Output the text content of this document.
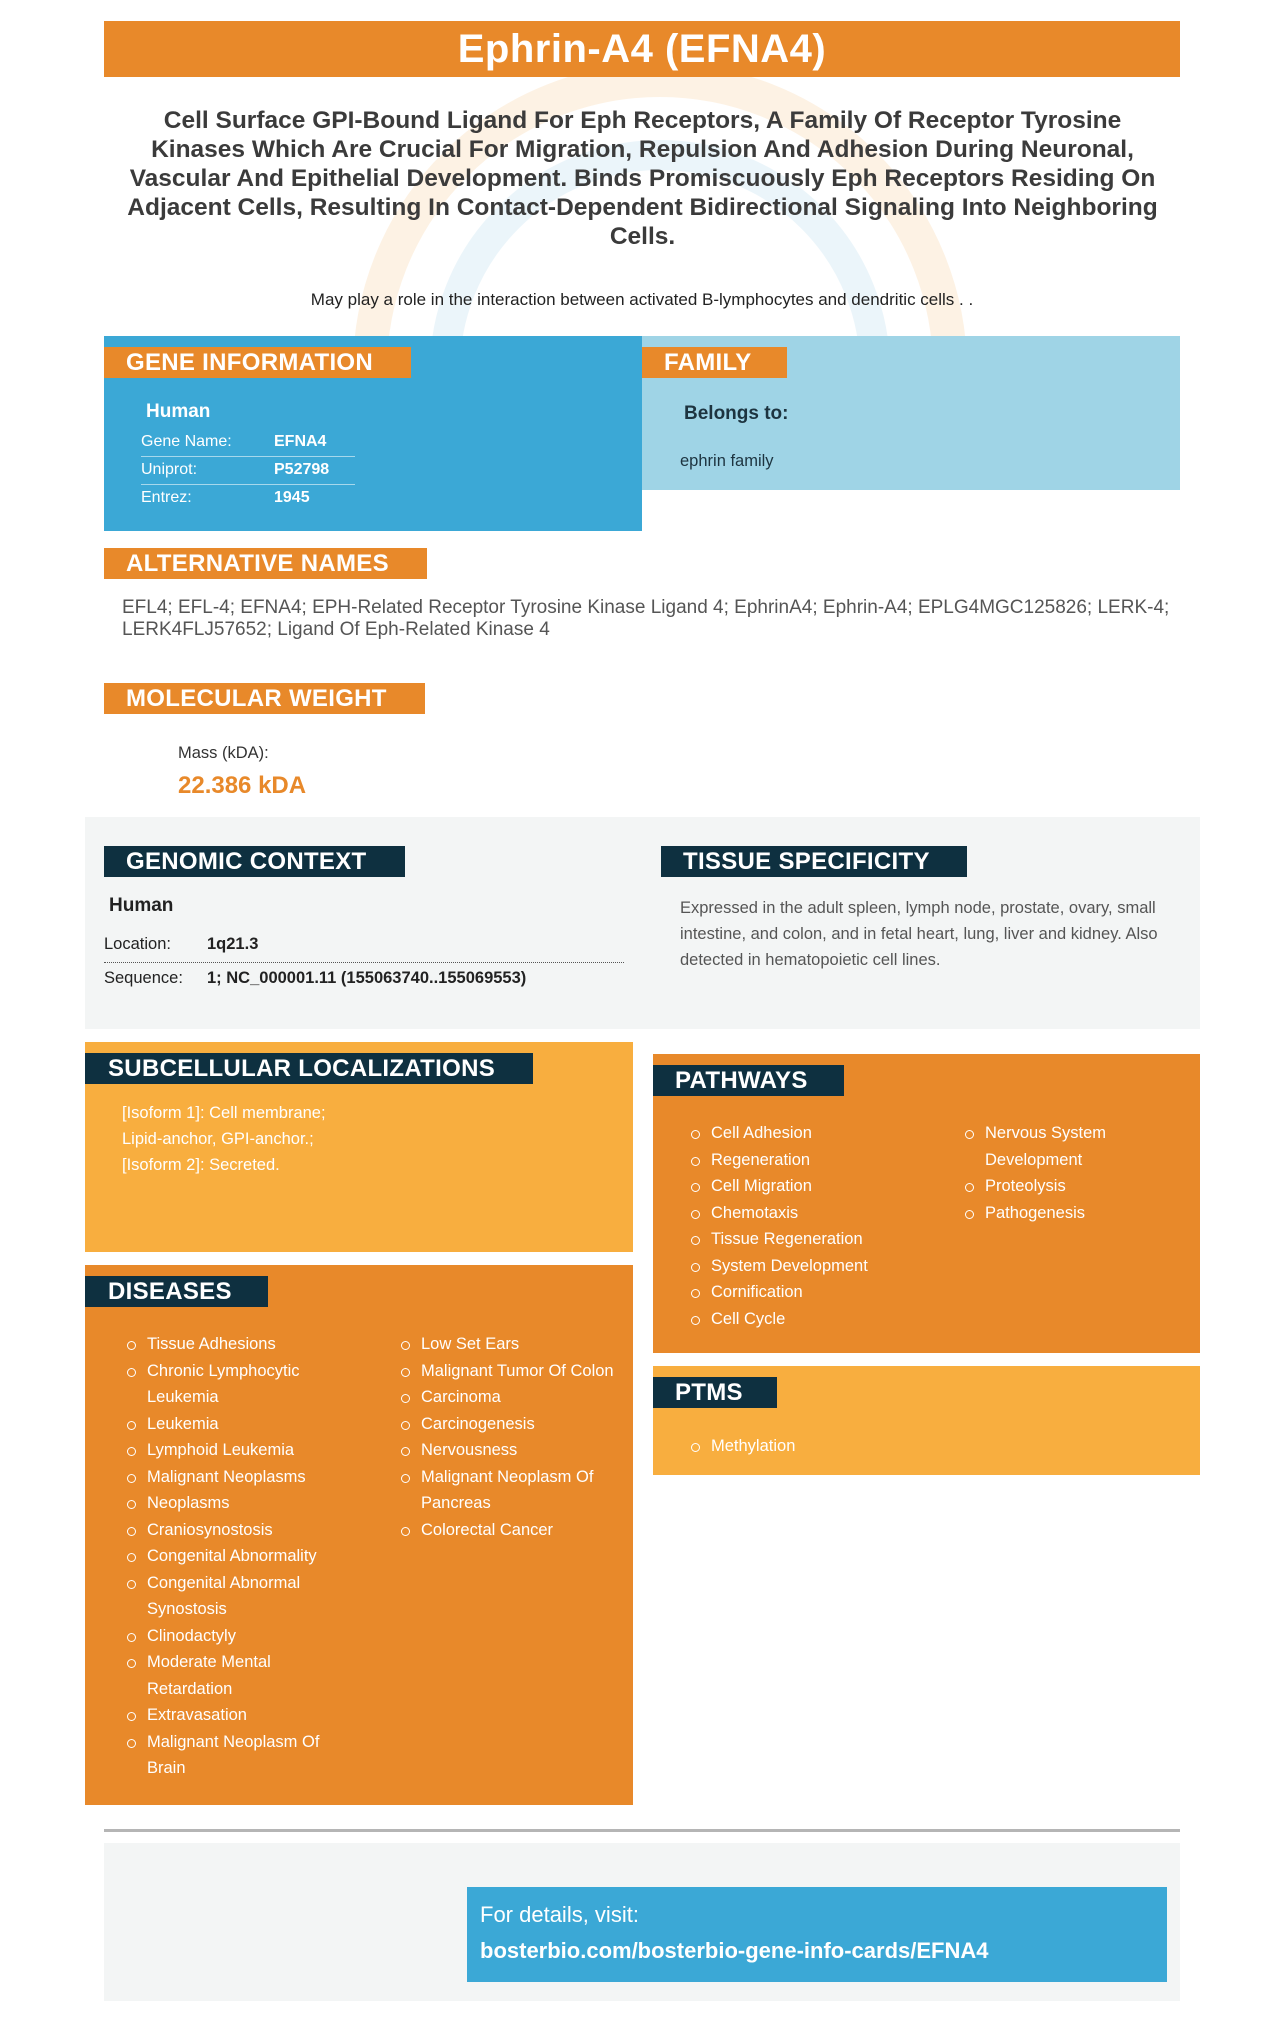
Ephrin-A4 (EFNA4)
Cell Surface GPI-Bound Ligand For Eph Receptors, A Family Of Receptor Tyrosine Kinases Which Are Crucial For Migration, Repulsion And Adhesion During Neuronal, Vascular And Epithelial Development. Binds Promiscuously Eph Receptors Residing On Adjacent Cells, Resulting In Contact-Dependent Bidirectional Signaling Into Neighboring Cells.
May play a role in the interaction between activated B-lymphocytes and dendritic cells . .
GENE INFORMATION
Human
Gene Name:	EFNA4
Uniprot:	P52798
Entrez:	1945
FAMILY
Belongs to:
ephrin family
ALTERNATIVE NAMES
EFL4; EFL-4; EFNA4; EPH-Related Receptor Tyrosine Kinase Ligand 4; EphrinA4; Ephrin-A4; EPLG4MGC125826; LERK-4; LERK4FLJ57652; Ligand Of Eph-Related Kinase 4
MOLECULAR WEIGHT
Mass (kDA):
22.386 kDA
GENOMIC CONTEXT
Human
Location: 1q21.3
Sequence: 1; NC_000001.11 (155063740..155069553)
TISSUE SPECIFICITY
Expressed in the adult spleen, lymph node, prostate, ovary, small intestine, and colon, and in fetal heart, lung, liver and kidney. Also detected in hematopoietic cell lines.
SUBCELLULAR LOCALIZATIONS
[Isoform 1]: Cell membrane; Lipid-anchor, GPI-anchor.; [Isoform 2]: Secreted.
PATHWAYS
Cell Adhesion
Regeneration
Cell Migration
Chemotaxis
Tissue Regeneration
System Development
Cornification
Cell Cycle
Nervous System Development
Proteolysis
Pathogenesis
PTMS
Methylation
DISEASES
Tissue Adhesions
Chronic Lymphocytic Leukemia
Leukemia
Lymphoid Leukemia
Malignant Neoplasms
Neoplasms
Craniosynostosis
Congenital Abnormality
Congenital Abnormal Synostosis
Clinodactyly
Moderate Mental Retardation
Extravasation
Malignant Neoplasm Of Brain
Low Set Ears
Malignant Tumor Of Colon
Carcinoma
Carcinogenesis
Nervousness
Malignant Neoplasm Of Pancreas
Colorectal Cancer
For details, visit:
bosterbio.com/bosterbio-gene-info-cards/EFNA4
